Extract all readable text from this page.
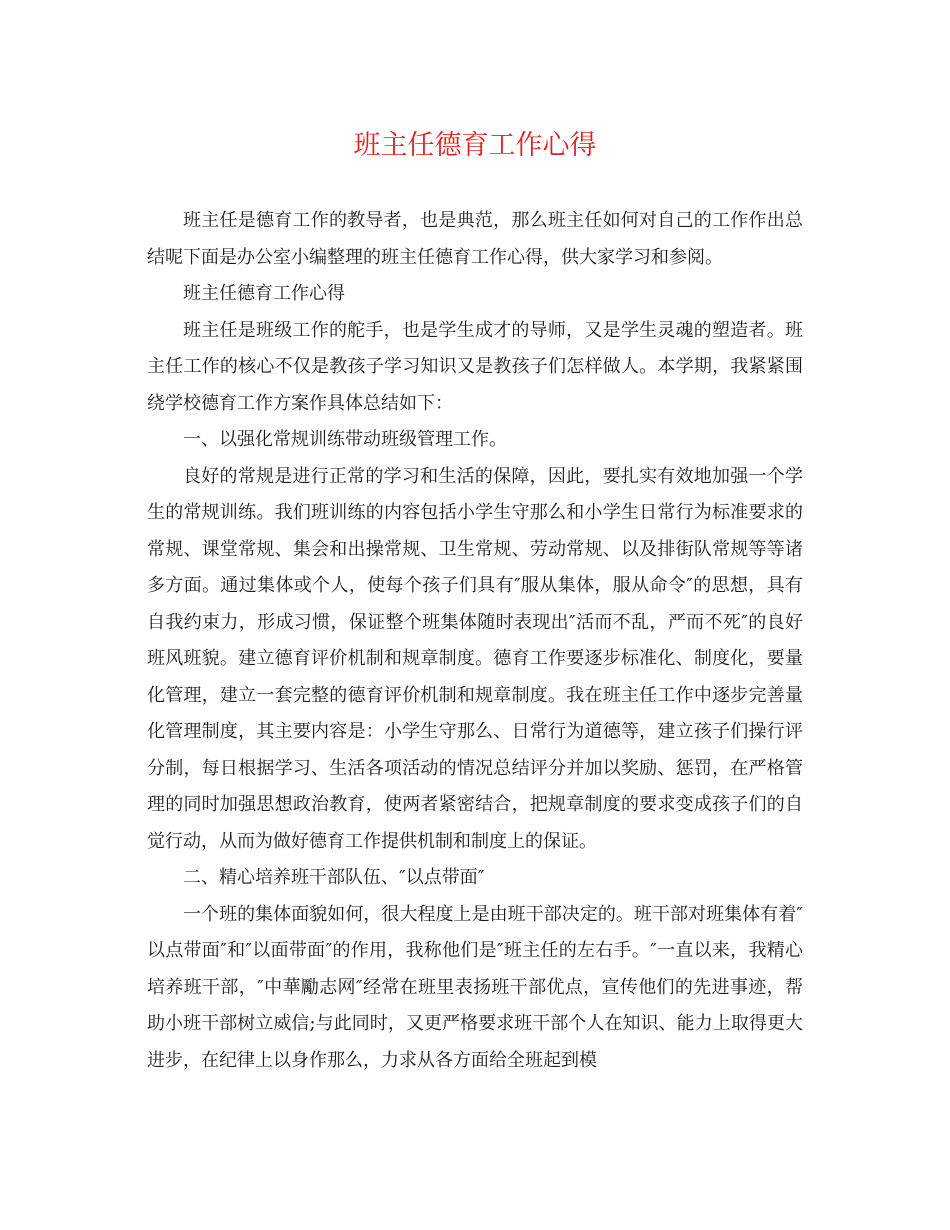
班主任德育工作心得

班主任是德育工作的教导者，也是典范，那么班主任如何对自己的工作作出总结呢下面是办公室小编整理的班主任德育工作心得，供大家学习和参阅。

班主任德育工作心得

班主任是班级工作的舵手，也是学生成才的导师，又是学生灵魂的塑造者。班主任工作的核心不仅是教孩子学习知识又是教孩子们怎样做人。本学期，我紧紧围绕学校德育工作方案作具体总结如下：

一、以强化常规训练带动班级管理工作。

良好的常规是进行正常的学习和生活的保障，因此，要扎实有效地加强一个学生的常规训练。我们班训练的内容包括小学生守那么和小学生日常行为标准要求的常规、课堂常规、集会和出操常规、卫生常规、劳动常规、以及排街队常规等等诸多方面。通过集体或个人，使每个孩子们具有″服从集体，服从命令″的思想，具有自我约束力，形成习惯，保证整个班集体随时表现出″活而不乱，严而不死″的良好班风班貌。建立德育评价机制和规章制度。德育工作要逐步标准化、制度化，要量化管理，建立一套完整的德育评价机制和规章制度。我在班主任工作中逐步完善量化管理制度，其主要内容是：小学生守那么、日常行为道德等，建立孩子们操行评分制，每日根据学习、生活各项活动的情况总结评分并加以奖励、惩罚，在严格管理的同时加强思想政治教育，使两者紧密结合，把规章制度的要求变成孩子们的自觉行动，从而为做好德育工作提供机制和制度上的保证。

二、精心培养班干部队伍、″以点带面″

一个班的集体面貌如何，很大程度上是由班干部决定的。班干部对班集体有着″以点带面″和″以面带面″的作用，我称他们是″班主任的左右手。″一直以来，我精心培养班干部，″中華勵志网″经常在班里表扬班干部优点，宣传他们的先进事迹，帮助小班干部树立威信;与此同时，又更严格要求班干部个人在知识、能力上取得更大进步，在纪律上以身作那么，力求从各方面给全班起到模
